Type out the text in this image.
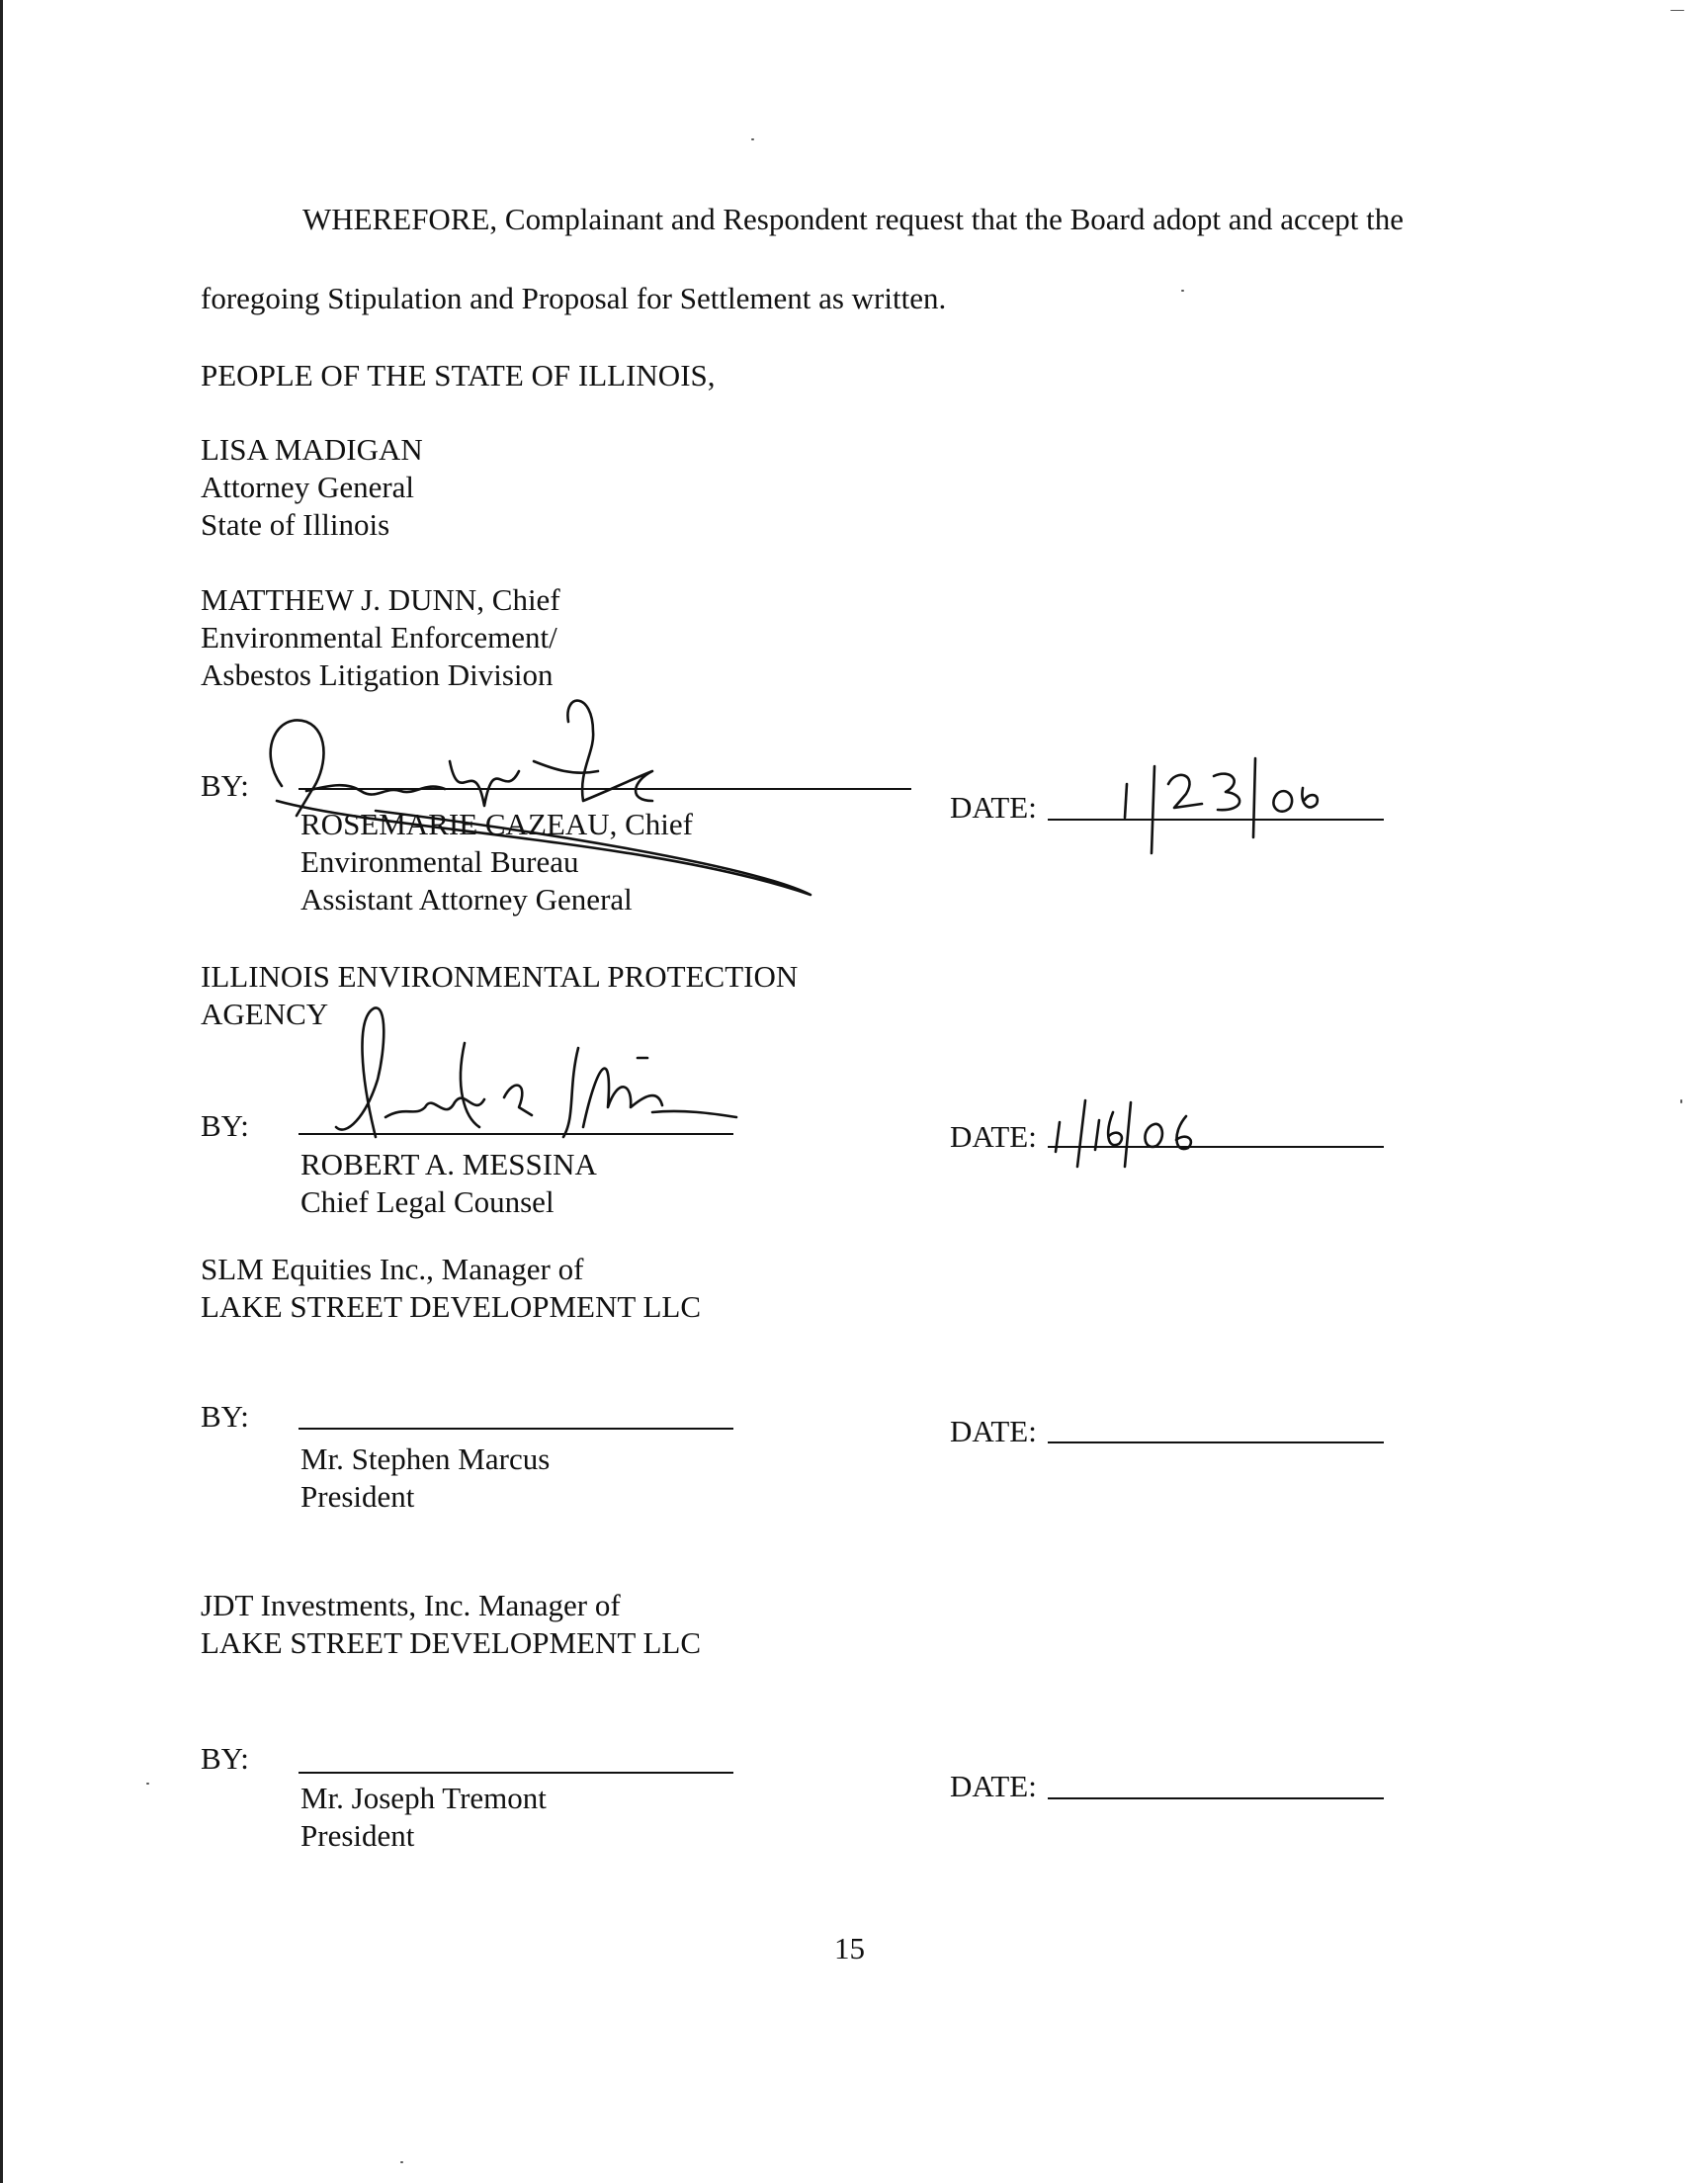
WHEREFORE, Complainant and Respondent request that the Board adopt and accept the
foregoing Stipulation and Proposal for Settlement as written.
PEOPLE OF THE STATE OF ILLINOIS,
LISA MADIGAN
Attorney General
State of Illinois
MATTHEW J. DUNN, Chief
Environmental Enforcement/
Asbestos Litigation Division
BY:
ROSEMARIE CAZEAU, Chief
Environmental Bureau
Assistant Attorney General
DATE:
ILLINOIS ENVIRONMENTAL PROTECTION
AGENCY
BY:
ROBERT A. MESSINA
Chief Legal Counsel
DATE:
SLM Equities Inc., Manager of
LAKE STREET DEVELOPMENT LLC
BY:
Mr. Stephen Marcus
President
DATE:
JDT Investments, Inc. Manager of
LAKE STREET DEVELOPMENT LLC
BY:
Mr. Joseph Tremont
President
DATE:
15
